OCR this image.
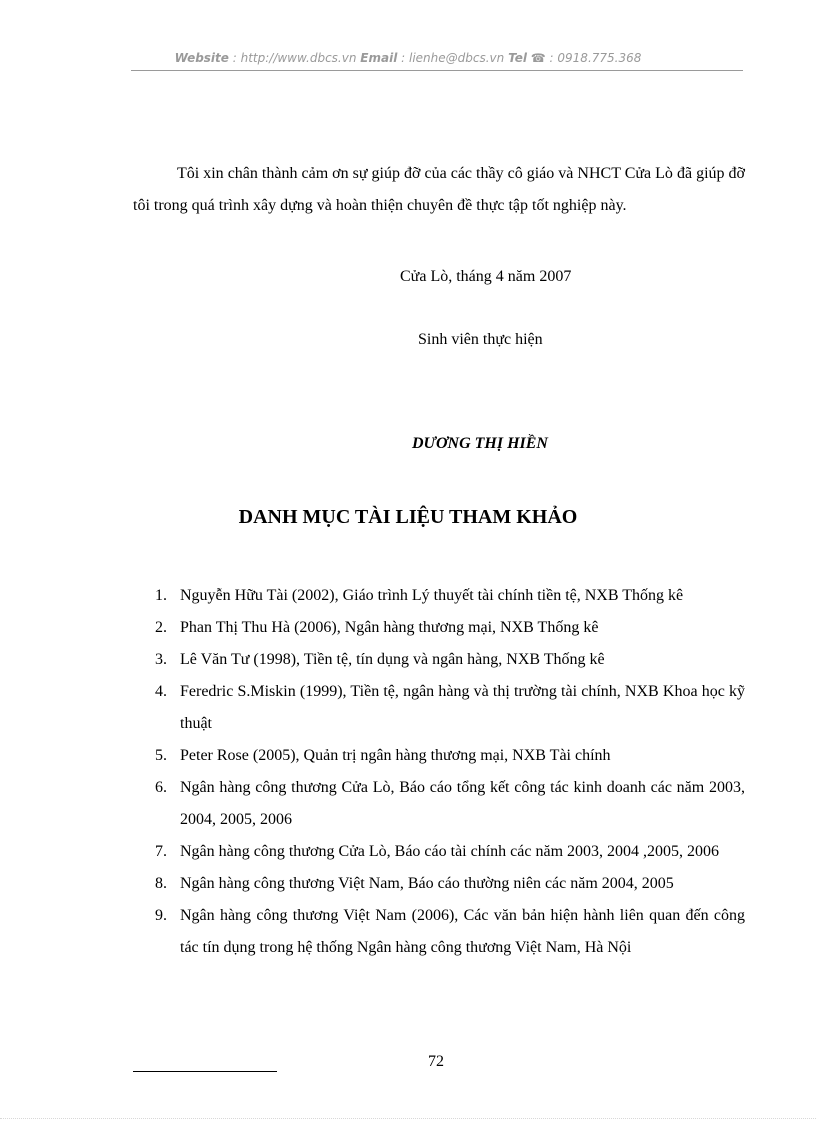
Website : http://www.dbcs.vn Email : lienhe@dbcs.vn Tel ☎ : 0918.775.368

Tôi xin chân thành cảm ơn sự giúp đỡ của các thầy cô giáo và NHCT Cửa Lò đã giúp đỡ tôi trong quá trình xây dựng và hoàn thiện chuyên đề thực tập tốt nghiệp này.

Cửa Lò, tháng 4 năm 2007
Sinh viên thực hiện
DƯƠNG THỊ HIỀN
DANH MỤC TÀI LIỆU THAM KHẢO
1. Nguyễn Hữu Tài (2002), Giáo trình Lý thuyết tài chính tiền tệ, NXB Thống kê
2. Phan Thị Thu Hà (2006), Ngân hàng thương mại, NXB Thống kê
3. Lê Văn Tư (1998), Tiền tệ, tín dụng và ngân hàng, NXB Thống kê
4. Feredric S.Miskin (1999), Tiền tệ, ngân hàng và thị trường tài chính, NXB Khoa học kỹ thuật
5. Peter Rose (2005), Quản trị ngân hàng thương mại, NXB Tài chính
6. Ngân hàng công thương Cửa Lò, Báo cáo tổng kết công tác kinh doanh các năm 2003, 2004, 2005, 2006
7. Ngân hàng công thương Cửa Lò, Báo cáo tài chính các năm 2003, 2004 ,2005, 2006
8. Ngân hàng công thương Việt Nam, Báo cáo thường niên các năm 2004, 2005
9. Ngân hàng công thương Việt Nam (2006), Các văn bản hiện hành liên quan đến công tác tín dụng trong hệ thống Ngân hàng công thương Việt Nam, Hà Nội
72
